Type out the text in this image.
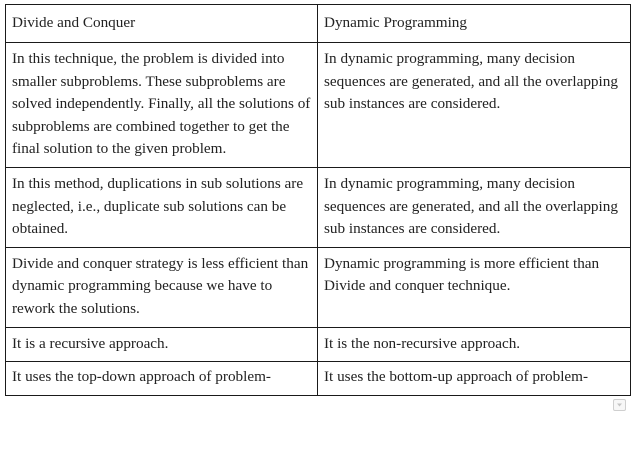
Divide and Conquer	Dynamic Programming
In this technique, the problem is divided into smaller subproblems. These subproblems are solved independently. Finally, all the solutions of subproblems are combined together to get the final solution to the given problem.	In dynamic programming, many decision sequences are generated, and all the overlapping sub instances are considered.
In this method, duplications in sub solutions are neglected, i.e., duplicate sub solutions can be obtained.	In dynamic programming, many decision sequences are generated, and all the overlapping sub instances are considered.
Divide and conquer strategy is less efficient than dynamic programming because we have to rework the solutions.	Dynamic programming is more efficient than Divide and conquer technique.
It is a recursive approach.	It is the non-recursive approach.
It uses the top-down approach of problem-	It uses the bottom-up approach of problem-
